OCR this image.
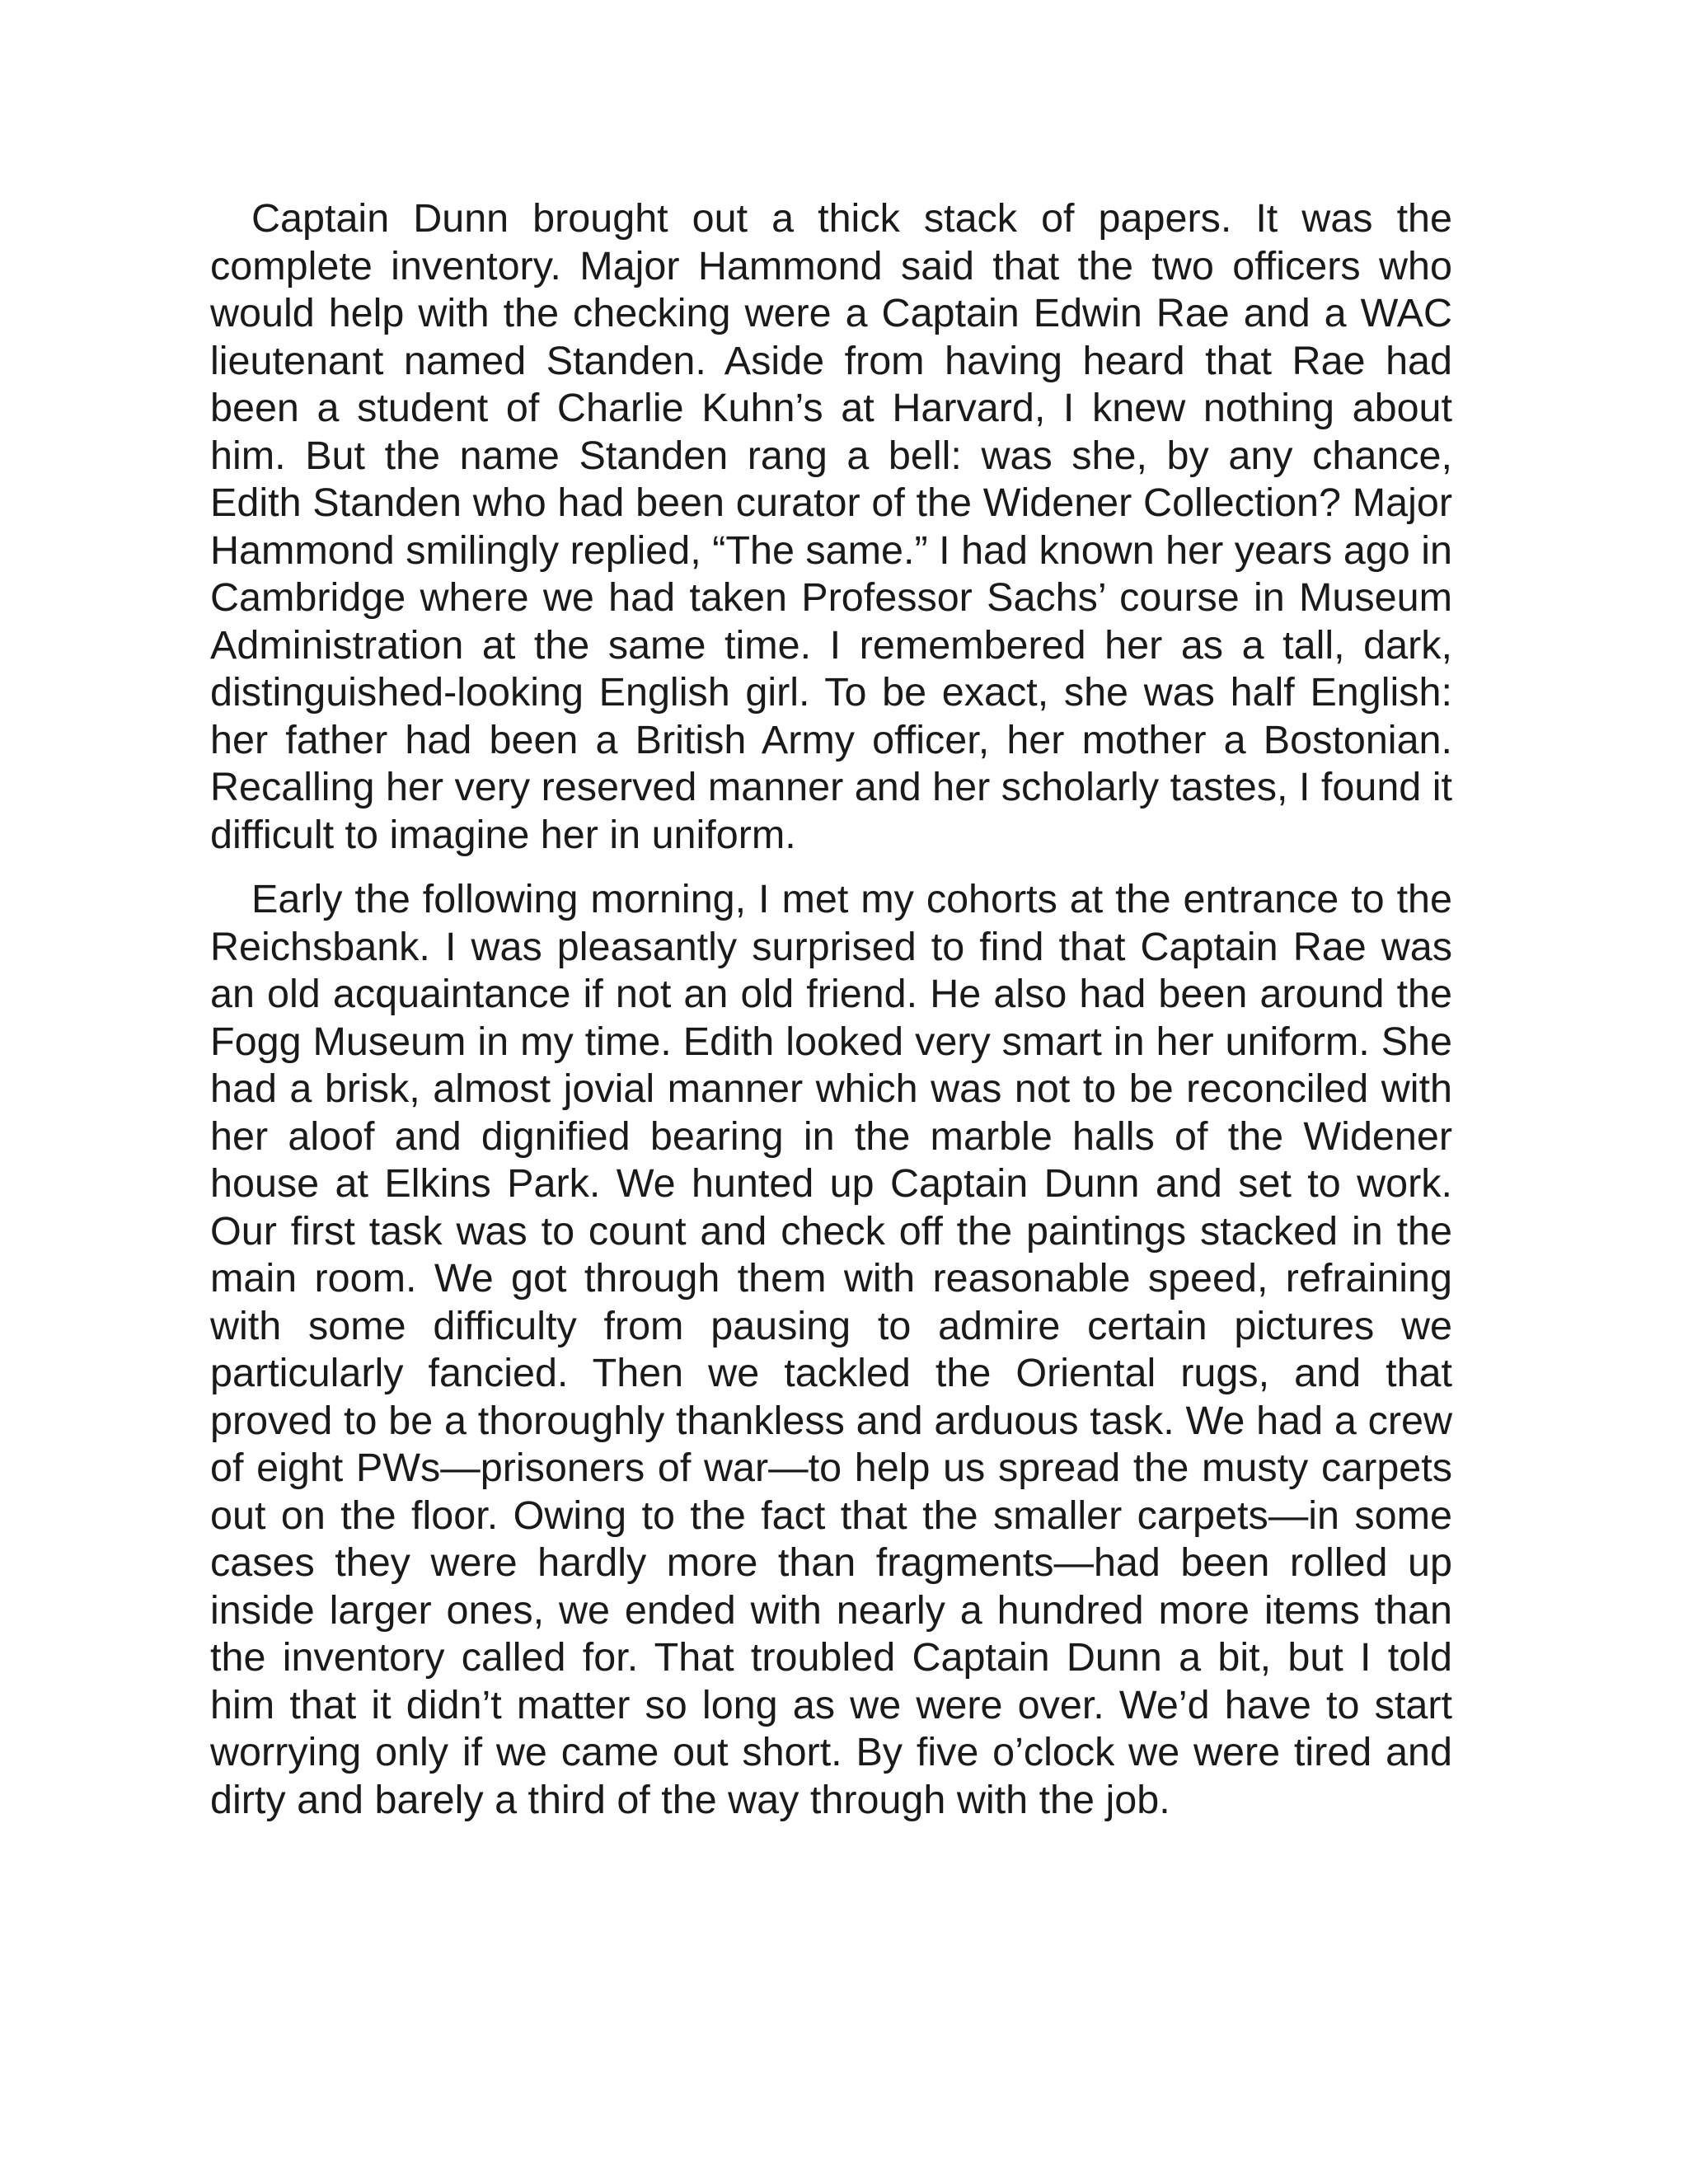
Captain Dunn brought out a thick stack of papers. It was the complete inventory. Major Hammond said that the two officers who would help with the checking were a Captain Edwin Rae and a WAC lieutenant named Standen. Aside from having heard that Rae had been a student of Charlie Kuhn’s at Harvard, I knew nothing about him. But the name Standen rang a bell: was she, by any chance, Edith Standen who had been curator of the Widener Collection? Major Hammond smilingly replied, “The same.” I had known her years ago in Cambridge where we had taken Professor Sachs’ course in Museum Administration at the same time. I remembered her as a tall, dark, distinguished-looking English girl. To be exact, she was half English: her father had been a British Army officer, her mother a Bostonian. Recalling her very reserved manner and her scholarly tastes, I found it difficult to imagine her in uniform.

Early the following morning, I met my cohorts at the entrance to the Reichsbank. I was pleasantly surprised to find that Captain Rae was an old acquaintance if not an old friend. He also had been around the Fogg Museum in my time. Edith looked very smart in her uniform. She had a brisk, almost jovial manner which was not to be reconciled with her aloof and dignified bearing in the marble halls of the Widener house at Elkins Park. We hunted up Captain Dunn and set to work. Our first task was to count and check off the paintings stacked in the main room. We got through them with reasonable speed, refraining with some difficulty from pausing to admire certain pictures we particularly fancied. Then we tackled the Oriental rugs, and that proved to be a thoroughly thankless and arduous task. We had a crew of eight PWs—prisoners of war—to help us spread the musty carpets out on the floor. Owing to the fact that the smaller carpets—in some cases they were hardly more than fragments—had been rolled up inside larger ones, we ended with nearly a hundred more items than the inventory called for. That troubled Captain Dunn a bit, but I told him that it didn’t matter so long as we were over. We’d have to start worrying only if we came out short. By five o’clock we were tired and dirty and barely a third of the way through with the job.
